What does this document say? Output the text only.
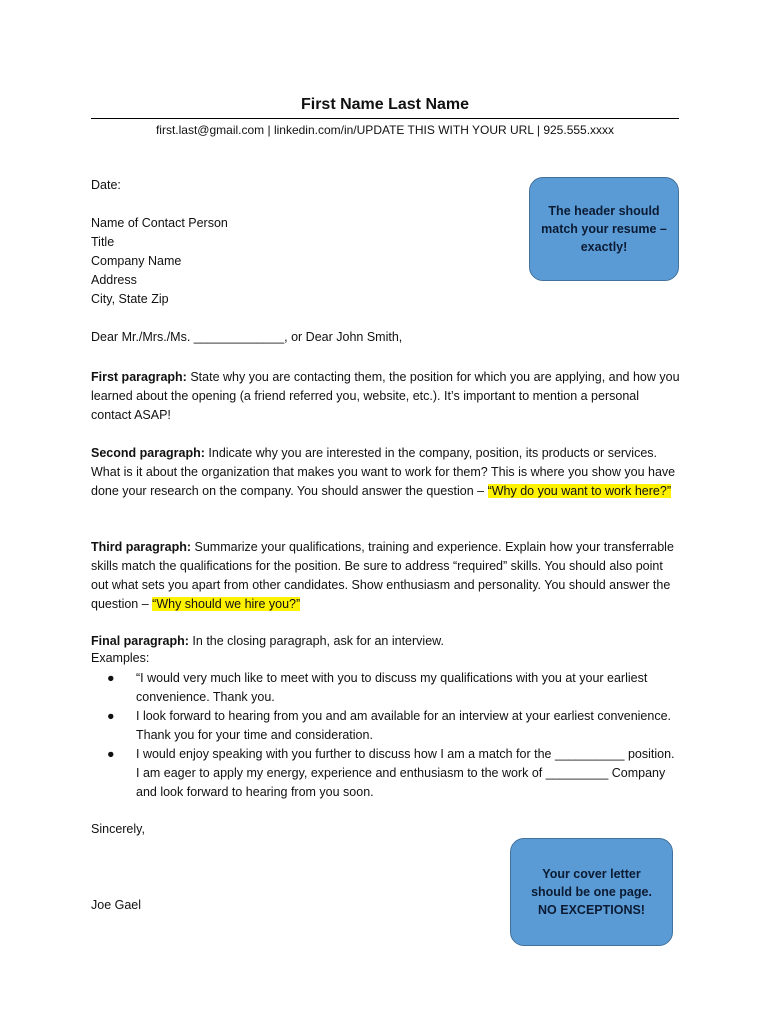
First Name Last Name
first.last@gmail.com | linkedin.com/in/UPDATE THIS WITH YOUR URL | 925.555.xxxx
Date:
Name of Contact Person
Title
Company Name
Address
City, State Zip
Dear Mr./Mrs./Ms. _____________, or Dear John Smith,
First paragraph: State why you are contacting them, the position for which you are applying, and how you learned about the opening (a friend referred you, website, etc.). It’s important to mention a personal contact ASAP!
Second paragraph: Indicate why you are interested in the company, position, its products or services. What is it about the organization that makes you want to work for them? This is where you show you have done your research on the company. You should answer the question – “Why do you want to work here?”
Third paragraph: Summarize your qualifications, training and experience. Explain how your transferrable skills match the qualifications for the position. Be sure to address “required” skills. You should also point out what sets you apart from other candidates. Show enthusiasm and personality. You should answer the question – “Why should we hire you?”
Final paragraph: In the closing paragraph, ask for an interview.
Examples:
● “I would very much like to meet with you to discuss my qualifications with you at your earliest convenience. Thank you.
● I look forward to hearing from you and am available for an interview at your earliest convenience. Thank you for your time and consideration.
● I would enjoy speaking with you further to discuss how I am a match for the __________ position. I am eager to apply my energy, experience and enthusiasm to the work of _________ Company and look forward to hearing from you soon.
Sincerely,
Joe Gael
The header should match your resume – exactly!
Your cover letter should be one page. NO EXCEPTIONS!
